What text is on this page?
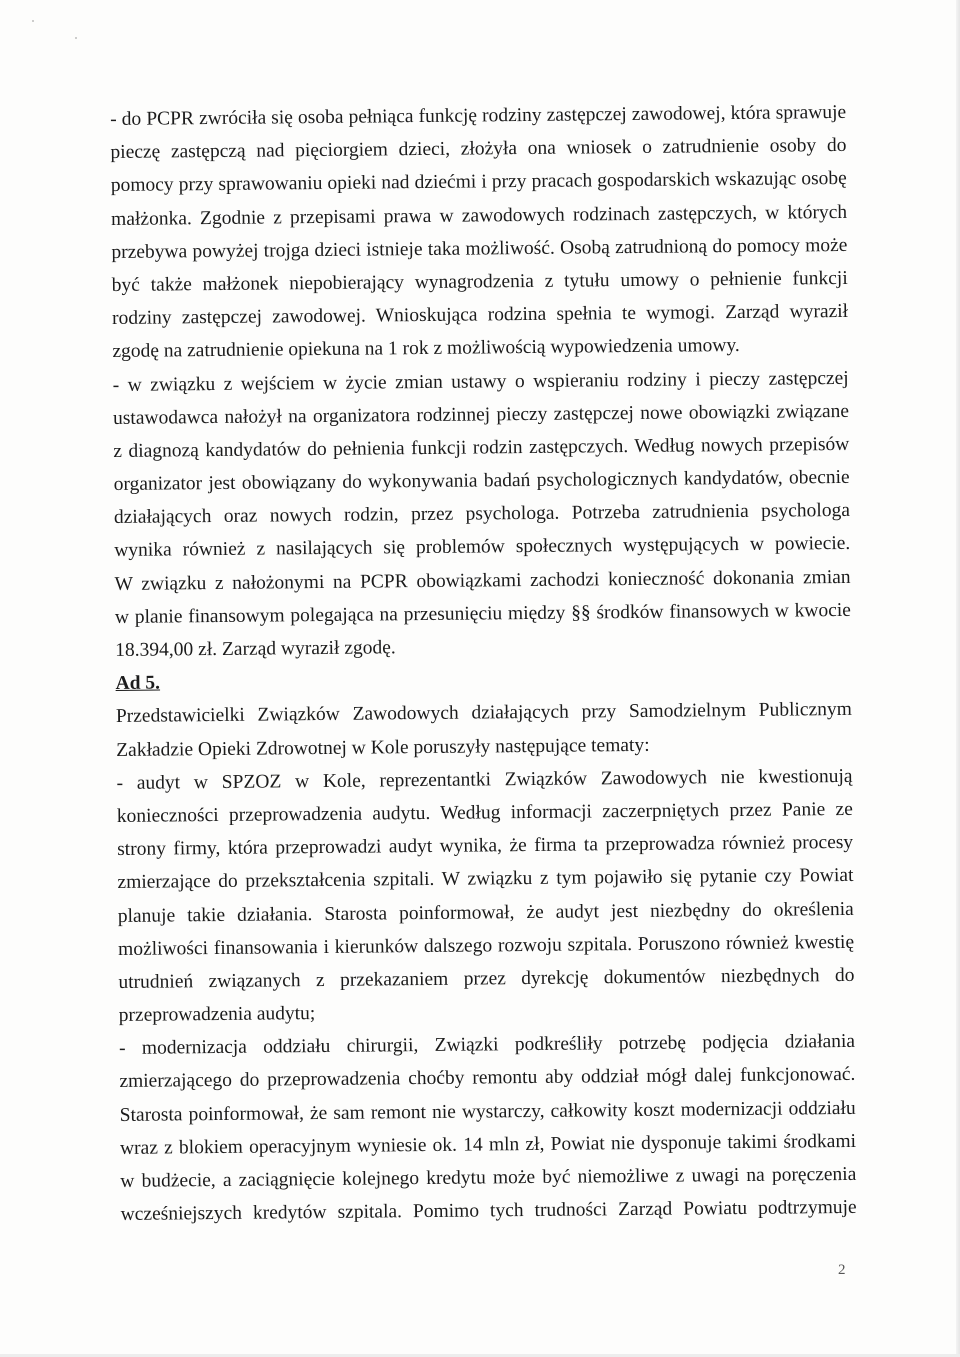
- do PCPR zwróciła się osoba pełniąca funkcję rodziny zastępczej zawodowej, która sprawuje
pieczę zastępczą nad pięciorgiem dzieci, złożyła ona wniosek o zatrudnienie osoby do
pomocy przy sprawowaniu opieki nad dziećmi i przy pracach gospodarskich wskazując osobę
małżonka. Zgodnie z przepisami prawa w zawodowych rodzinach zastępczych, w których
przebywa powyżej trojga dzieci istnieje taka możliwość. Osobą zatrudnioną do pomocy może
być także małżonek niepobierający wynagrodzenia z tytułu umowy o pełnienie funkcji
rodziny zastępczej zawodowej. Wnioskująca rodzina spełnia te wymogi. Zarząd wyraził
zgodę na zatrudnienie opiekuna na 1 rok z możliwością wypowiedzenia umowy.
- w związku z wejściem w życie zmian ustawy o wspieraniu rodziny i pieczy zastępczej
ustawodawca nałożył na organizatora rodzinnej pieczy zastępczej nowe obowiązki związane
z diagnozą kandydatów do pełnienia funkcji rodzin zastępczych. Według nowych przepisów
organizator jest obowiązany do wykonywania badań psychologicznych kandydatów, obecnie
działających oraz nowych rodzin, przez psychologa. Potrzeba zatrudnienia psychologa
wynika również z nasilających się problemów społecznych występujących w powiecie.
W związku z nałożonymi na PCPR obowiązkami zachodzi konieczność dokonania zmian
w planie finansowym polegająca na przesunięciu między §§ środków finansowych w kwocie
18.394,00 zł. Zarząd wyraził zgodę.
Ad 5.
Przedstawicielki Związków Zawodowych działających przy Samodzielnym Publicznym
Zakładzie Opieki Zdrowotnej w Kole poruszyły następujące tematy:
- audyt w SPZOZ w Kole, reprezentantki Związków Zawodowych nie kwestionują
konieczności przeprowadzenia audytu. Według informacji zaczerpniętych przez Panie ze
strony firmy, która przeprowadzi audyt wynika, że firma ta przeprowadza również procesy
zmierzające do przekształcenia szpitali. W związku z tym pojawiło się pytanie czy Powiat
planuje takie działania. Starosta poinformował, że audyt jest niezbędny do określenia
możliwości finansowania i kierunków dalszego rozwoju szpitala. Poruszono również kwestię
utrudnień związanych z przekazaniem przez dyrekcję dokumentów niezbędnych do
przeprowadzenia audytu;
- modernizacja oddziału chirurgii, Związki podkreśliły potrzebę podjęcia działania
zmierzającego do przeprowadzenia choćby remontu aby oddział mógł dalej funkcjonować.
Starosta poinformował, że sam remont nie wystarczy, całkowity koszt modernizacji oddziału
wraz z blokiem operacyjnym wyniesie ok. 14 mln zł, Powiat nie dysponuje takimi środkami
w budżecie, a zaciągnięcie kolejnego kredytu może być niemożliwe z uwagi na poręczenia
wcześniejszych kredytów szpitala. Pomimo tych trudności Zarząd Powiatu podtrzymuje
2
